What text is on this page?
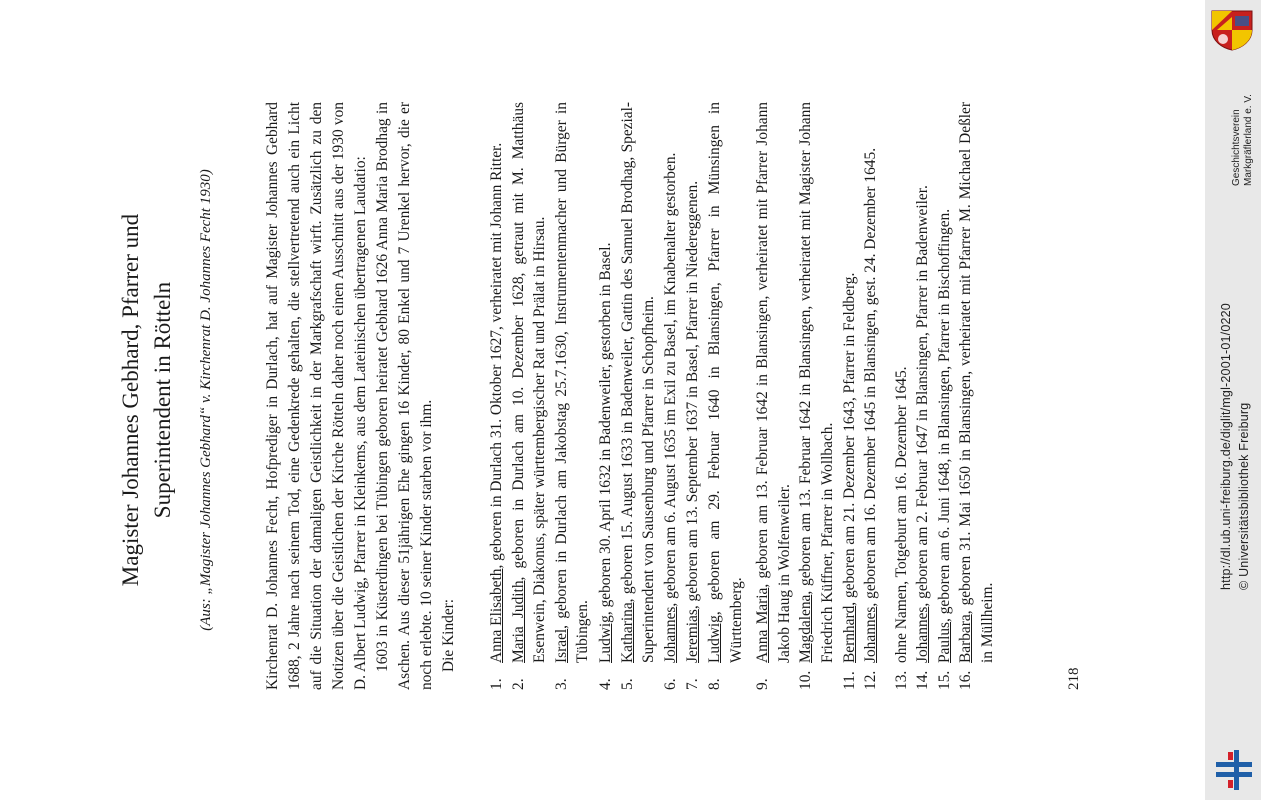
Magister Johannes Gebhard, Pfarrer und Superintendent in Rötteln (Aus: „Magister Johannes Gebhard“ v. Kirchenrat D. Johannes Fecht 1930)	Kirchenrat D. Johannes Fecht, Hofprediger in Durlach, hat auf Magister Johannes Gebhard 1688, 2 Jahre nach seinem Tod, eine Gedenkrede gehalten, die stellvertretend auch ein Licht auf die Situation der damaligen Geistlichkeit in der Markgrafschaft wirft. Zusätzlich zu den Notizen über die Geistlichen der Kirche Rötteln daher noch einen Ausschnitt aus der 1930 von D. Albert Ludwig, Pfarrer in Kleinkems, aus dem Lateinischen übertragenen Laudatio: 1603 in Küsterdingen bei Tübingen geboren heiratet Gebhard 1626 Anna Maria Brodhag in Aschen. Aus dieser 51jährigen Ehe gingen 16 Kinder, 80 Enkel und 7 Urenkel hervor, die er noch erlebte. 10 seiner Kinder starben vor ihm. Die Kinder:

1.
Anna Elisabeth, geboren in Durlach 31. Oktober 1627, verheiratet mit Johann Ritter.
2.
Maria Judith, geboren in Durlach am 10. Dezember 1628, getraut mit M. Matthäus Esenwein, Diakonus, später württembergischer Rat und Prälat in Hirsau.
3.
Israel, geboren in Durlach am Jakobstag 25.7.1630, Instrumentenmacher und Bürger in Tübingen.
4.
Ludwig, geboren 30. April 1632 in Badenweiler, gestorben in Basel.
5.
Katharina, geboren 15. August 1633 in Badenweiler, Gattin des Samuel Brodhag, Spezial-Superintendent von Sausenburg und Pfarrer in Schopfheim.
6.
Johannes, geboren am 6. August 1635 im Exil zu Basel, im Knabenalter gestorben.
7.
Jeremias, geboren am 13. September 1637 in Basel, Pfarrer in Niedereggenen.
8.
Ludwig, geboren am 29. Februar 1640 in Blansingen, Pfarrer in Münsingen in Württemberg.
9.
Anna Maria, geboren am 13. Februar 1642 in Blansingen, verheiratet mit Pfarrer Johann Jakob Haug in Wolfenweiler.
10.
Magdalena, geboren am 13. Februar 1642 in Blansingen, verheiratet mit Magister Johann Friedrich Küffner, Pfarrer in Wollbach.
11.
Bernhard, geboren am 21. Dezember 1643, Pfarrer in Feldberg.
12.
Johannes, geboren am 16. Dezember 1645 in Blansingen, gest. 24. Dezember 1645.
13.
ohne Namen, Totgeburt am 16. Dezember 1645.
14.
Johannes, geboren am 2. Februar 1647 in Blansingen, Pfarrer in Badenweiler.
15.
Paulus, geboren am 6. Juni 1648, in Blansingen, Pfarrer in Bischoffingen.
16.
Barbara, geboren 31. Mai 1650 in Blansingen, verheiratet mit Pfarrer M. Michael Deßler in Müllheim.
218
Geschichtsverein Markgräflerland e. V.
http://dl.ub.uni-freiburg.de/diglit/mgl-2001-01/0220 © Universitätsbibliothek Freiburg
